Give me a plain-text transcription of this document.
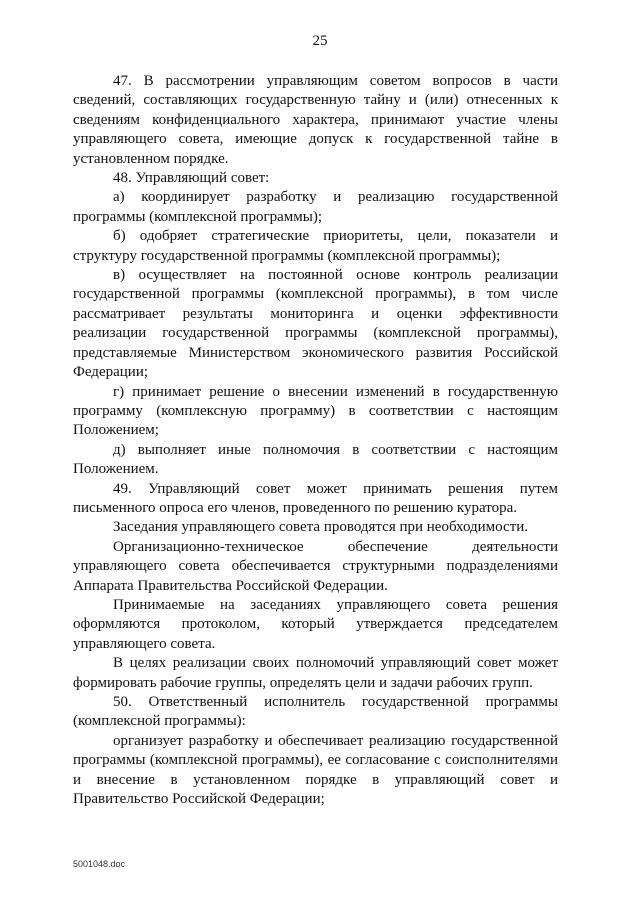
25

47. В рассмотрении управляющим советом вопросов в части сведений, составляющих государственную тайну и (или) отнесенных к сведениям конфиденциального характера, принимают участие члены управляющего совета, имеющие допуск к государственной тайне в установленном порядке.

48. Управляющий совет:

а) координирует разработку и реализацию государственной программы (комплексной программы);

б) одобряет стратегические приоритеты, цели, показатели и структуру государственной программы (комплексной программы);

в) осуществляет на постоянной основе контроль реализации государственной программы (комплексной программы), в том числе рассматривает результаты мониторинга и оценки эффективности реализации государственной программы (комплексной программы), представляемые Министерством экономического развития Российской Федерации;

г) принимает решение о внесении изменений в государственную программу (комплексную программу) в соответствии с настоящим Положением;

д) выполняет иные полномочия в соответствии с настоящим Положением.

49. Управляющий совет может принимать решения путем письменного опроса его членов, проведенного по решению куратора.

Заседания управляющего совета проводятся при необходимости.

Организационно-техническое обеспечение деятельности управляющего совета обеспечивается структурными подразделениями Аппарата Правительства Российской Федерации.

Принимаемые на заседаниях управляющего совета решения оформляются протоколом, который утверждается председателем управляющего совета.

В целях реализации своих полномочий управляющий совет может формировать рабочие группы, определять цели и задачи рабочих групп.

50. Ответственный исполнитель государственной программы (комплексной программы):

организует разработку и обеспечивает реализацию государственной программы (комплексной программы), ее согласование с соисполнителями и внесение в установленном порядке в управляющий совет и Правительство Российской Федерации;

5001048.doc
